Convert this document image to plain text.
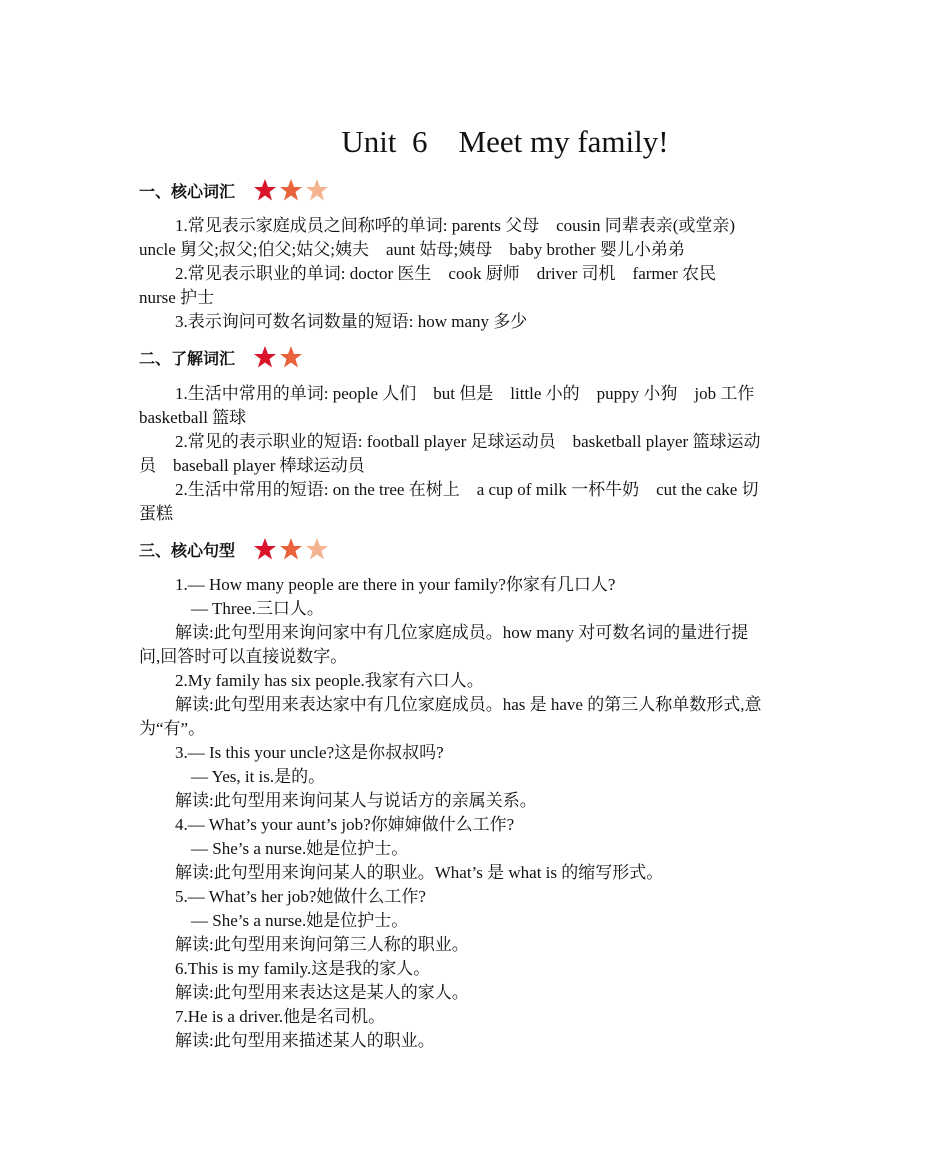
Unit  6    Meet my family!
一、核心词汇
1.常见表示家庭成员之间称呼的单词: parents 父母    cousin 同辈表亲(或堂亲)
uncle 舅父;叔父;伯父;姑父;姨夫    aunt 姑母;姨母    baby brother 婴儿小弟弟
2.常见表示职业的单词: doctor 医生    cook 厨师    driver 司机    farmer 农民
nurse 护士
3.表示询问可数名词数量的短语: how many 多少
二、了解词汇
1.生活中常用的单词: people 人们    but 但是    little 小的    puppy 小狗    job 工作
basketball 篮球
2.常见的表示职业的短语: football player 足球运动员    basketball player 篮球运动
员    baseball player 棒球运动员
2.生活中常用的短语: on the tree 在树上    a cup of milk 一杯牛奶    cut the cake 切
蛋糕
三、核心句型
1.— How many people are there in your family?你家有几口人?
— Three.三口人。
解读:此句型用来询问家中有几位家庭成员。how many 对可数名词的量进行提
问,回答时可以直接说数字。
2.My family has six people.我家有六口人。
解读:此句型用来表达家中有几位家庭成员。has 是 have 的第三人称单数形式,意
为“有”。
3.— Is this your uncle?这是你叔叔吗?
— Yes, it is.是的。
解读:此句型用来询问某人与说话方的亲属关系。
4.— What’s your aunt’s job?你婶婶做什么工作?
— She’s a nurse.她是位护士。
解读:此句型用来询问某人的职业。What’s 是 what is 的缩写形式。
5.— What’s her job?她做什么工作?
— She’s a nurse.她是位护士。
解读:此句型用来询问第三人称的职业。
6.This is my family.这是我的家人。
解读:此句型用来表达这是某人的家人。
7.He is a driver.他是名司机。
解读:此句型用来描述某人的职业。
